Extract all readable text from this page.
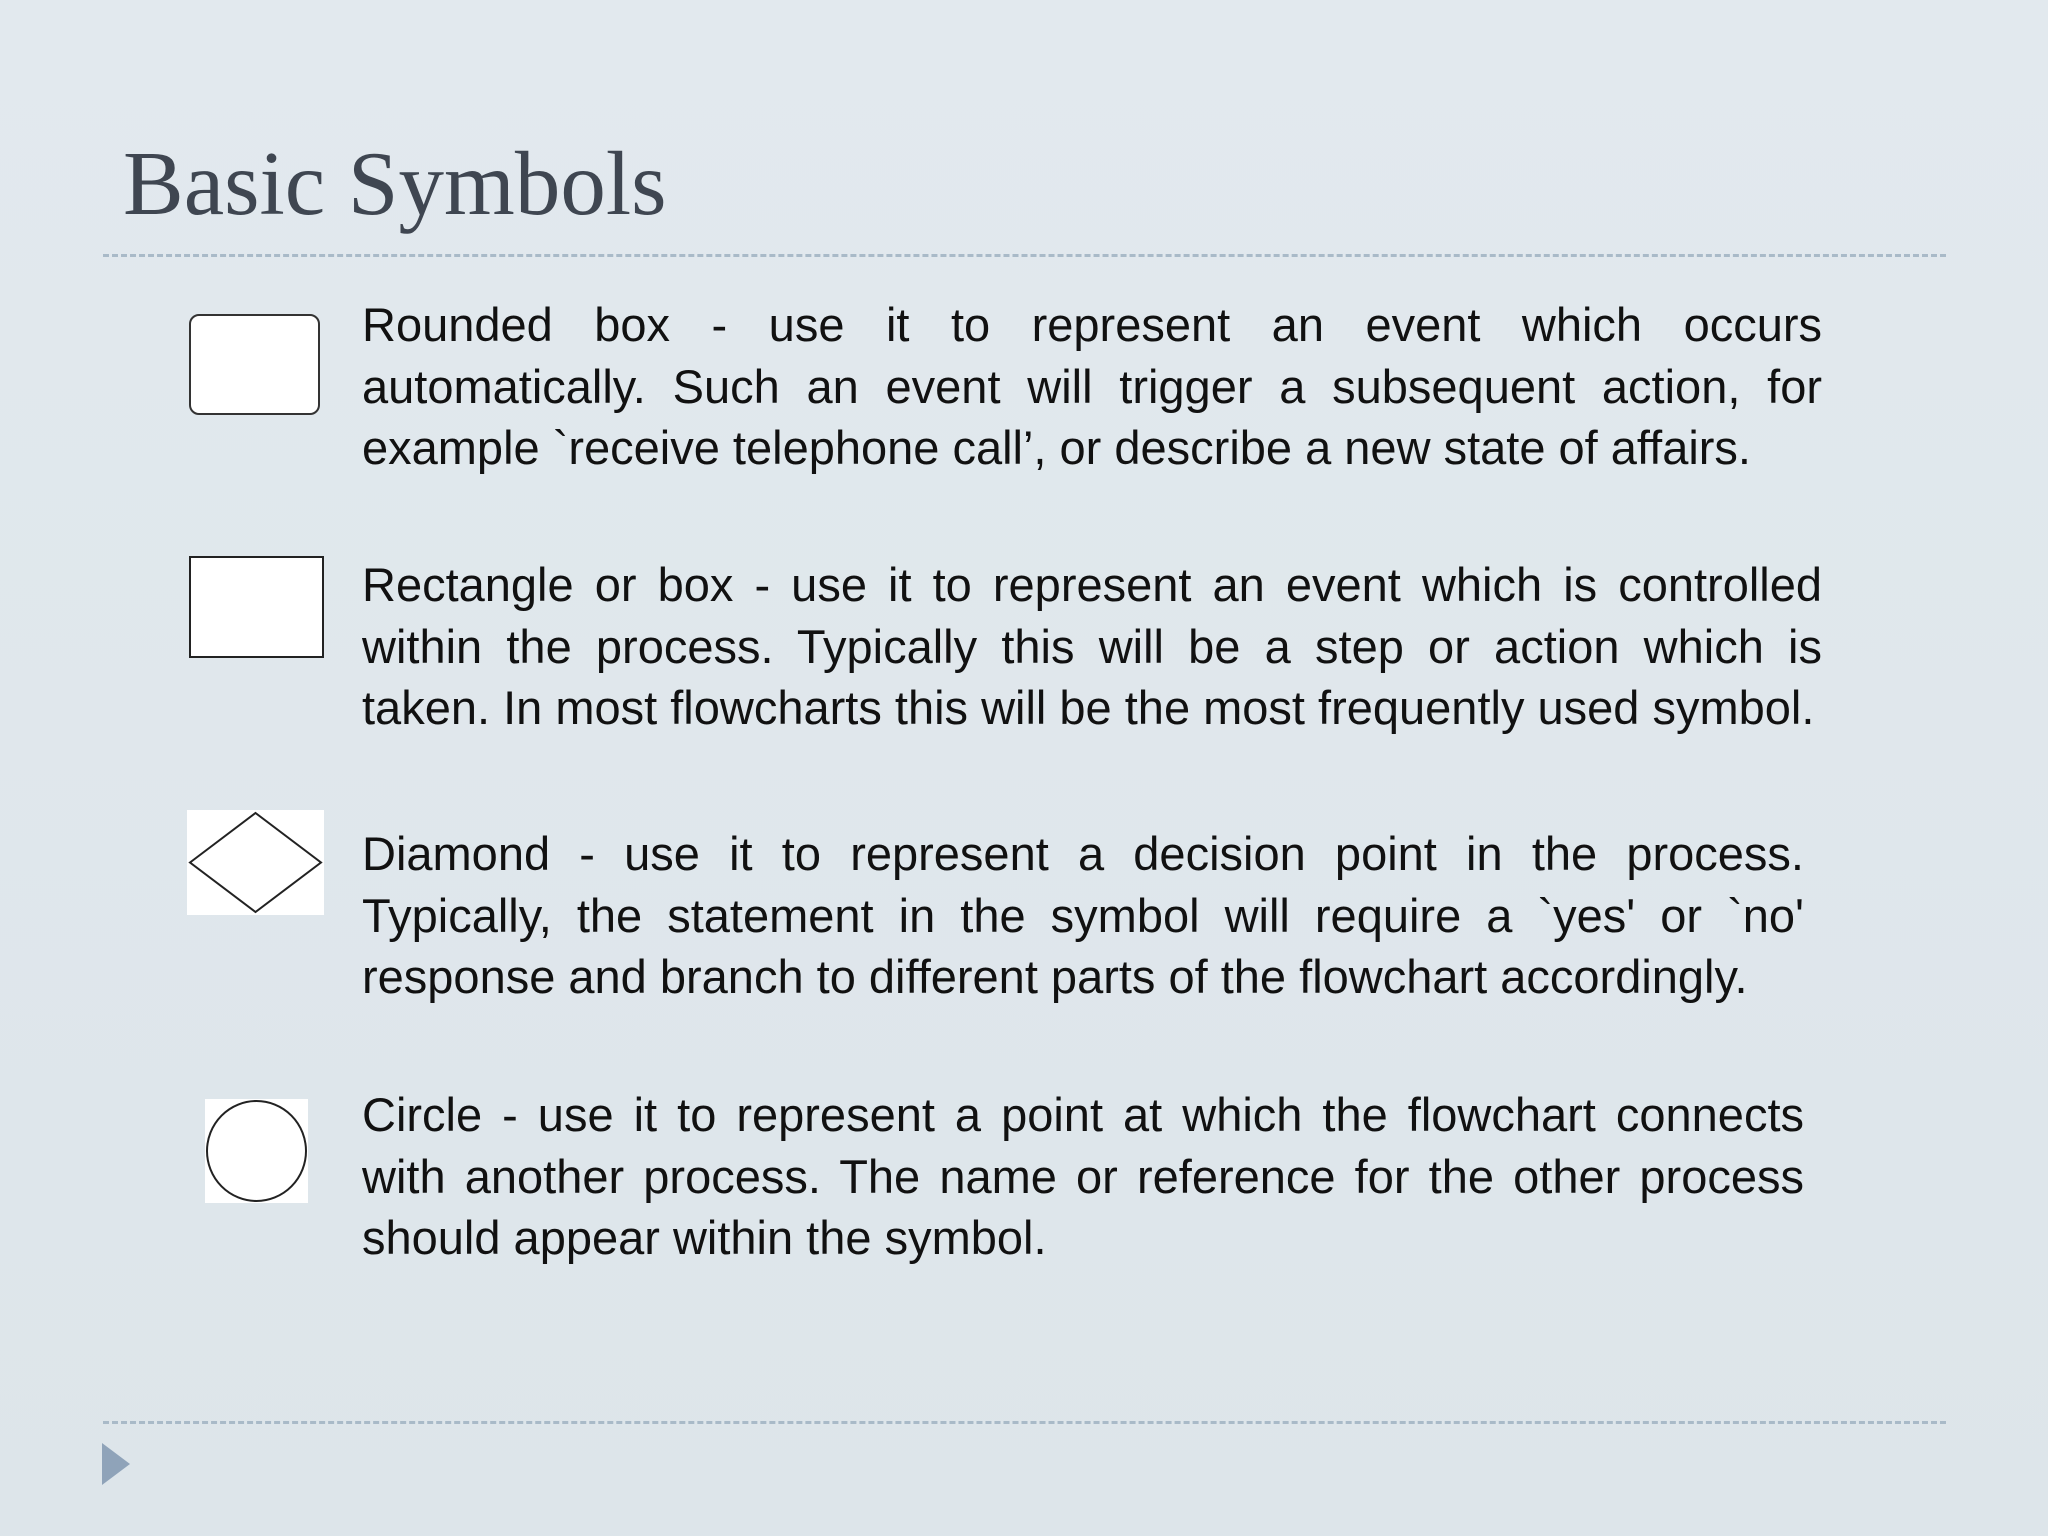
Basic Symbols

Rounded box - use it to represent an event which occurs automatically. Such an event will trigger a subsequent action, for example `receive telephone call’, or describe a new state of affairs.

Rectangle or box - use it to represent an event which is controlled within the process. Typically this will be a step or action which is taken. In most flowcharts this will be the most frequently used symbol.

Diamond - use it to represent a decision point in the process. Typically, the statement in the symbol will require a `yes' or `no' response and branch to different parts of the flowchart accordingly.

Circle - use it to represent a point at which the flowchart connects with another process. The name or reference for the other process should appear within the symbol.
